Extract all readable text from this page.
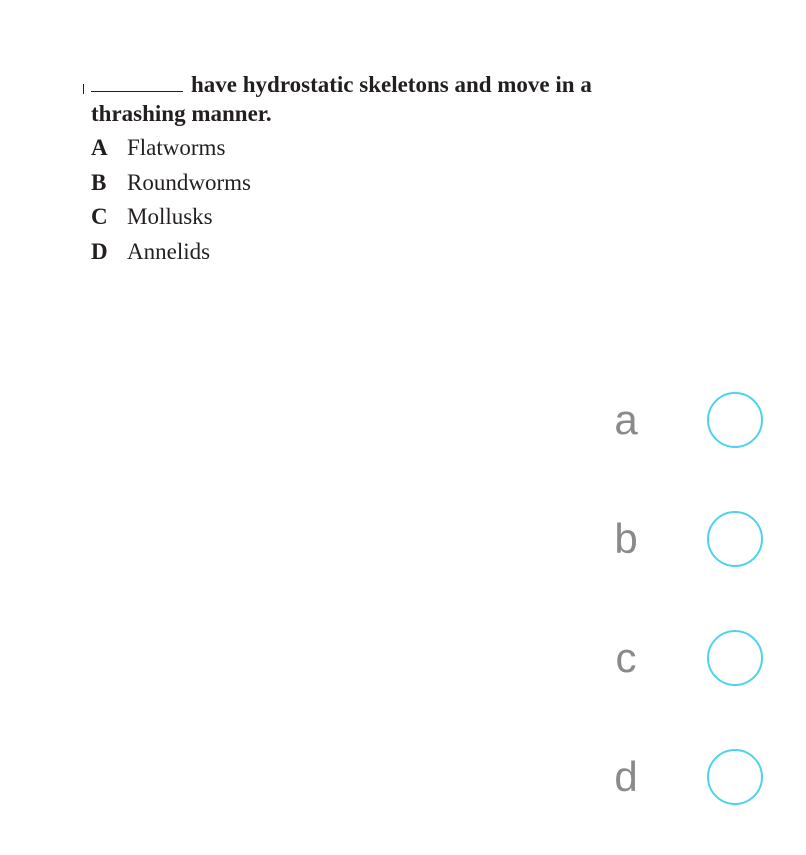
have hydrostatic skeletons and move in a thrashing manner.
A Flatworms
B Roundworms
C Mollusks
D Annelids
a
b
c
d
